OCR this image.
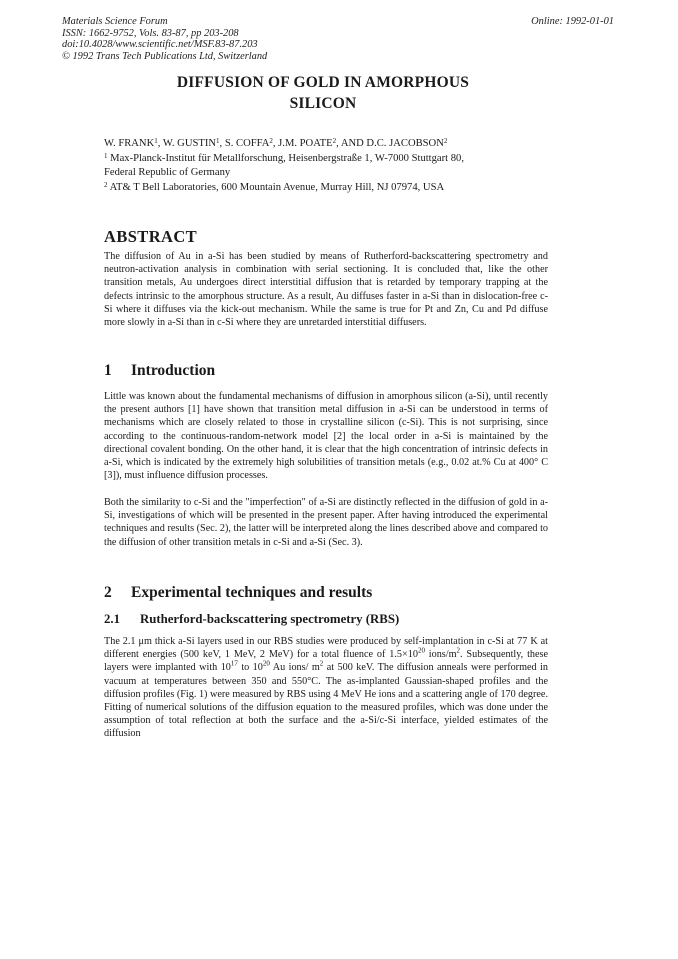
Materials Science Forum
ISSN: 1662-9752, Vols. 83-87, pp 203-208
doi:10.4028/www.scientific.net/MSF.83-87.203
© 1992 Trans Tech Publications Ltd, Switzerland
Online: 1992-01-01
DIFFUSION OF GOLD IN AMORPHOUS
SILICON
W. FRANK$^1$, W. GUSTIN$^1$, S. COFFA$^2$, J.M. POATE$^2$, AND D.C. JACOBSON$^2$
$^1$ Max-Planck-Institut für Metallforschung, Heisenbergstraße 1, W-7000 Stuttgart 80,
Federal Republic of Germany
$^2$ AT& T Bell Laboratories, 600 Mountain Avenue, Murray Hill, NJ 07974, USA
ABSTRACT
The diffusion of Au in a-Si has been studied by means of Rutherford-backscattering spectrometry and neutron-activation analysis in combination with serial sectioning. It is concluded that, like the other transition metals, Au undergoes direct interstitial diffusion that is retarded by temporary trapping at the defects intrinsic to the amorphous structure. As a result, Au diffuses faster in a-Si than in dislocation-free c-Si where it diffuses via the kick-out mechanism. While the same is true for Pt and Zn, Cu and Pd diffuse more slowly in a-Si than in c-Si where they are unretarded interstitial diffusers.
1 Introduction
Little was known about the fundamental mechanisms of diffusion in amorphous silicon (a-Si), until recently the present authors [1] have shown that transition metal diffusion in a-Si can be understood in terms of mechanisms which are closely related to those in crystalline silicon (c-Si). This is not surprising, since according to the continuous-random-network model [2] the local order in a-Si is maintained by the directional covalent bonding. On the other hand, it is clear that the high concentration of intrinsic defects in a-Si, which is indicated by the extremely high solubilities of transition metals (e.g., 0.02 at.% Cu at 400° C [3]), must influence diffusion processes.
Both the similarity to c-Si and the "imperfection" of a-Si are distinctly reflected in the diffusion of gold in a-Si, investigations of which will be presented in the present paper. After having introduced the experimental techniques and results (Sec. 2), the latter will be interpreted along the lines described above and compared to the diffusion of other transition metals in c-Si and a-Si (Sec. 3).
2 Experimental techniques and results
2.1 Rutherford-backscattering spectrometry (RBS)
The 2.1 μm thick a-Si layers used in our RBS studies were produced by self-implantation in c-Si at 77 K at different energies (500 keV, 1 MeV, 2 MeV) for a total fluence of $1.5\times 10^{20}$ ions/$m^2$. Subsequently, these layers were implanted with $10^{17}$ to $10^{20}$ Au ions/ $m^2$ at 500 keV. The diffusion anneals were performed in vacuum at temperatures between 350 and 550°C. The as-implanted Gaussian-shaped profiles and the diffusion profiles (Fig. 1) were measured by RBS using 4 MeV He ions and a scattering angle of 170 degree. Fitting of numerical solutions of the diffusion equation to the measured profiles, which was done under the assumption of total reflection at both the surface and the a-Si/c-Si interface, yielded estimates of the diffusion
